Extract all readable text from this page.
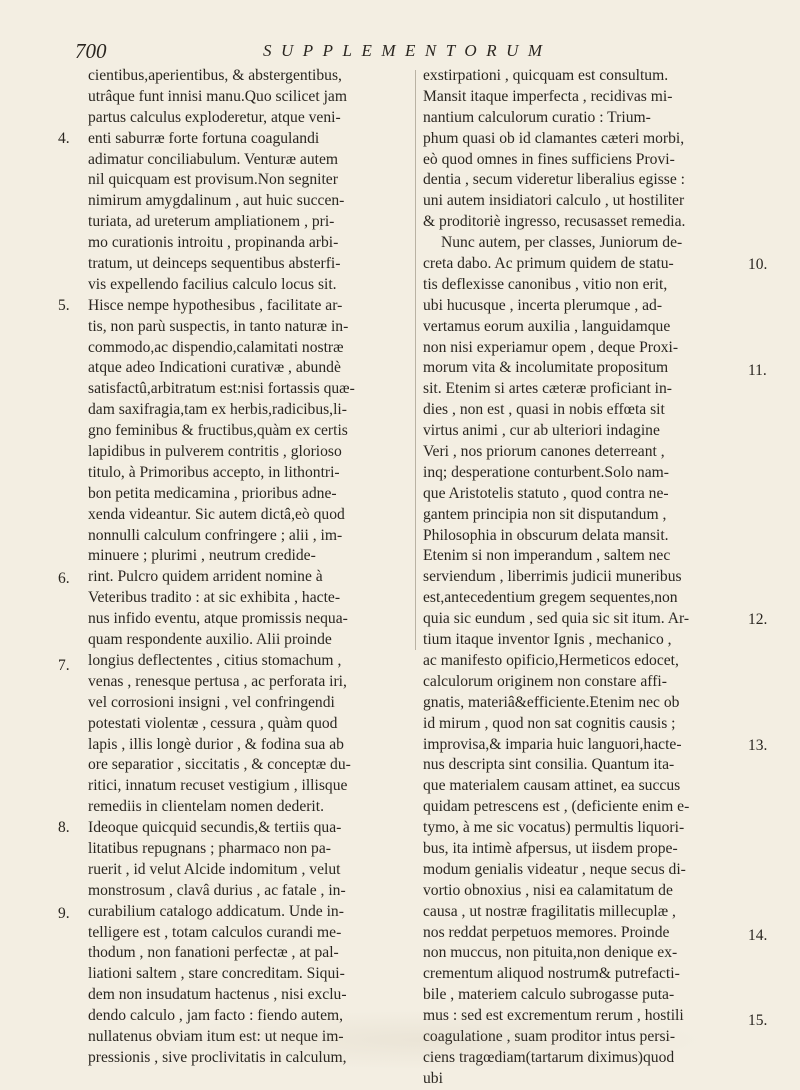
700	SUPPLEMENTORUM
cientibus,aperientibus, & abstergentibus,
utrâque funt innisi manu.Quo scilicet jam
partus calculus exploderetur, atque veni-
enti saburræ forte fortuna coagulandi
adimatur conciliabulum. Venturæ autem
nil quicquam est provisum.Non segniter
nimirum amygdalinum , aut huic succen-
turiata, ad ureterum ampliationem , pri-
mo curationis introitu , propinanda arbi-
tratum, ut deinceps sequentibus absterfi-
vis expellendo facilius calculo locus sit.
Hisce nempe hypothesibus , facilitate ar-
tis, non parù suspectis, in tanto naturæ in-
commodo,ac dispendio,calamitati nostræ
atque adeo Indicationi curativæ , abundè
satisfactû,arbitratum est:nisi fortassis quæ-
dam saxifragia,tam ex herbis,radicibus,li-
gno feminibus & fructibus,quàm ex certis
lapidibus in pulverem contritis , glorioso
titulo, à Primoribus accepto, in lithontri-
bon petita medicamina , prioribus adne-
xenda videantur. Sic autem dictâ,eò quod
nonnulli calculum confringere ; alii , im-
minuere ; plurimi , neutrum credide-
rint. Pulcro quidem arrident nomine à
Veteribus tradito : at sic exhibita , hacte-
nus infido eventu, atque promissis nequa-
quam respondente auxilio. Alii proinde
longius deflectentes , citius stomachum ,
venas , renesque pertusa , ac perforata iri,
vel corrosioni insigni , vel confringendi
potestati violentæ , cessura , quàm quod
lapis , illis longè durior , & fodina sua ab
ore separatior , siccitatis , & conceptæ du-
ritici, innatum recuset vestigium , illisque
remediis in clientelam nomen dederit.
Ideoque quicquid secundis,& tertiis qua-
litatibus repugnans ; pharmaco non pa-
ruerit , id velut Alcide indomitum , velut
monstrosum , clavâ durius , ac fatale , in-
curabilium catalogo addicatum. Unde in-
telligere est , totam calculos curandi me-
thodum , non fanationi perfectæ , at pal-
liationi saltem , stare concreditam. Siqui-
dem non insudatum hactenus , nisi exclu-
dendo calculo , jam facto : fiendo autem,
nullatenus obviam itum est: ut neque im-
pressionis , sive proclivitatis in calculum,
exstirpationi , quicquam est consultum.
Mansit itaque imperfecta , recidivas mi-
nantium calculorum curatio : Trium-
phum quasi ob id clamantes cæteri morbi,
eò quod omnes in fines sufficiens Provi-
dentia , secum videretur liberalius egisse :
uni autem insidiatori calculo , ut hostiliter
& proditoriè ingresso, recusasset remedia.
Nunc autem, per classes, Juniorum de-
creta dabo. Ac primum quidem de statu-
tis deflexisse canonibus , vitio non erit,
ubi hucusque , incerta plerumque , ad-
vertamus eorum auxilia , languidamque
non nisi experiamur opem , deque Proxi-
morum vita & incolumitate propositum
sit. Etenim si artes cæteræ proficiant in-
dies , non est , quasi in nobis effœta sit
virtus animi , cur ab ulteriori indagine
Veri , nos priorum canones deterreant ,
inq; desperatione conturbent.Solo nam-
que Aristotelis statuto , quod contra ne-
gantem principia non sit disputandum ,
Philosophia in obscurum delata mansit.
Etenim si non imperandum , saltem nec
serviendum , liberrimis judicii muneribus
est,antecedentium gregem sequentes,non
quia sic eundum , sed quia sic sit itum. Ar-
tium itaque inventor Ignis , mechanico ,
ac manifesto opificio,Hermeticos edocet,
calculorum originem non constare affi-
gnatis, materiâ&efficiente.Etenim nec ob
id mirum , quod non sat cognitis causis ;
improvisa,& imparia huic languori,hacte-
nus descripta sint consilia. Quantum ita-
que materialem causam attinet, ea succus
quidam petrescens est , (deficiente enim e-
tymo, à me sic vocatus) permultis liquori-
bus, ita intimè afpersus, ut iisdem prope-
modum genialis videatur , neque secus di-
vortio obnoxius , nisi ea calamitatum de
causa , ut nostræ fragilitatis millecuplæ ,
nos reddat perpetuos memores. Proinde
non muccus, non pituita,non denique ex-
crementum aliquod nostrum& putrefacti-
bile , materiem calculo subrogasse puta-
mus : sed est excrementum rerum , hostili
coagulatione , suam proditor intus persi-
ciens tragœdiam(tartarum diximus)quod
ubi
4.
5.
6.
7.
8.
9.
10.
11.
12.
13.
14.
15.
